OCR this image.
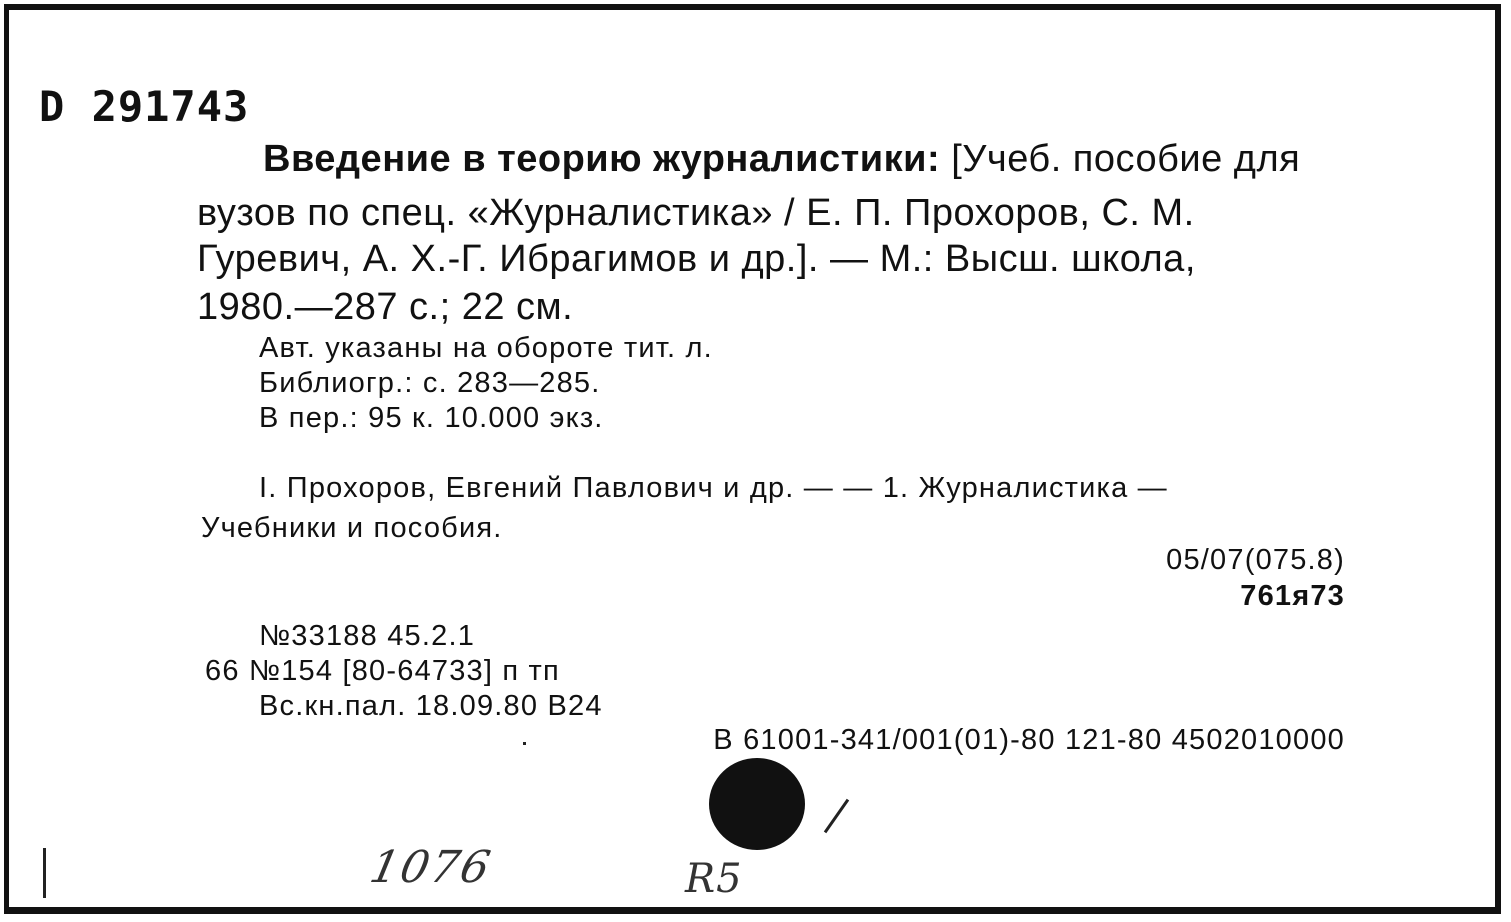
D 291743
Введение в теорию журналистики: [Учеб. пособие для
вузов по спец. «Журналистика» / Е. П. Прохоров, С. М.
Гуревич, А. Х.-Г. Ибрагимов и др.]. — М.: Высш. школа,
1980.—287 с.; 22 см.
Авт. указаны на обороте тит. л.
Библиогр.: с. 283—285.
В пер.: 95 к. 10.000 экз.
I. Прохоров, Евгений Павлович и др. — — 1. Журналистика —
Учебники и пособия.
05/07(075.8)
761я73
№33188 45.2.1
66 №154 [80-64733] п тп
Вс.кн.пал. 18.09.80 В24
В 61001-341/001(01)-80 121-80 4502010000
1076	R5
